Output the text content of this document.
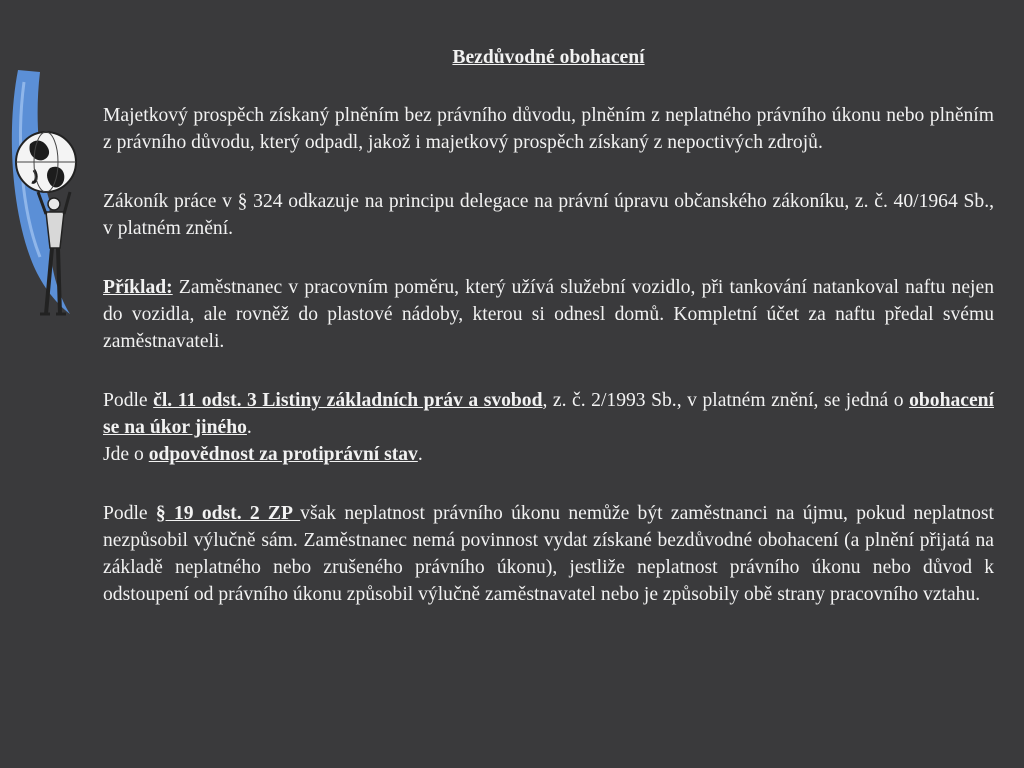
Bezdůvodné obohacení
Majetkový prospěch získaný plněním bez právního důvodu, plněním z neplatného právního úkonu nebo plněním z právního důvodu, který odpadl, jakož i majetkový prospěch získaný z nepoctivých zdrojů.
Zákoník práce v § 324 odkazuje na principu delegace na právní úpravu občanského zákoníku, z. č. 40/1964 Sb., v platném znění.
Příklad: Zaměstnanec v pracovním poměru, který užívá služební vozidlo, při tankování natankoval naftu nejen do vozidla, ale rovněž do plastové nádoby, kterou si odnesl domů. Kompletní účet za naftu předal svému zaměstnavateli.
Podle čl. 11 odst. 3 Listiny základních práv a svobod, z. č. 2/1993 Sb., v platném znění, se jedná o obohacení se na úkor jiného.
Jde o odpovědnost za protiprávní stav.
Podle § 19 odst. 2 ZP však neplatnost právního úkonu nemůže být zaměstnanci na újmu, pokud neplatnost nezpůsobil výlučně sám. Zaměstnanec nemá povinnost vydat získané bezdůvodné obohacení (a plnění přijatá na základě neplatného nebo zrušeného právního úkonu), jestliže neplatnost právního úkonu nebo důvod k odstoupení od právního úkonu způsobil výlučně zaměstnavatel nebo je způsobily obě strany pracovního vztahu.
